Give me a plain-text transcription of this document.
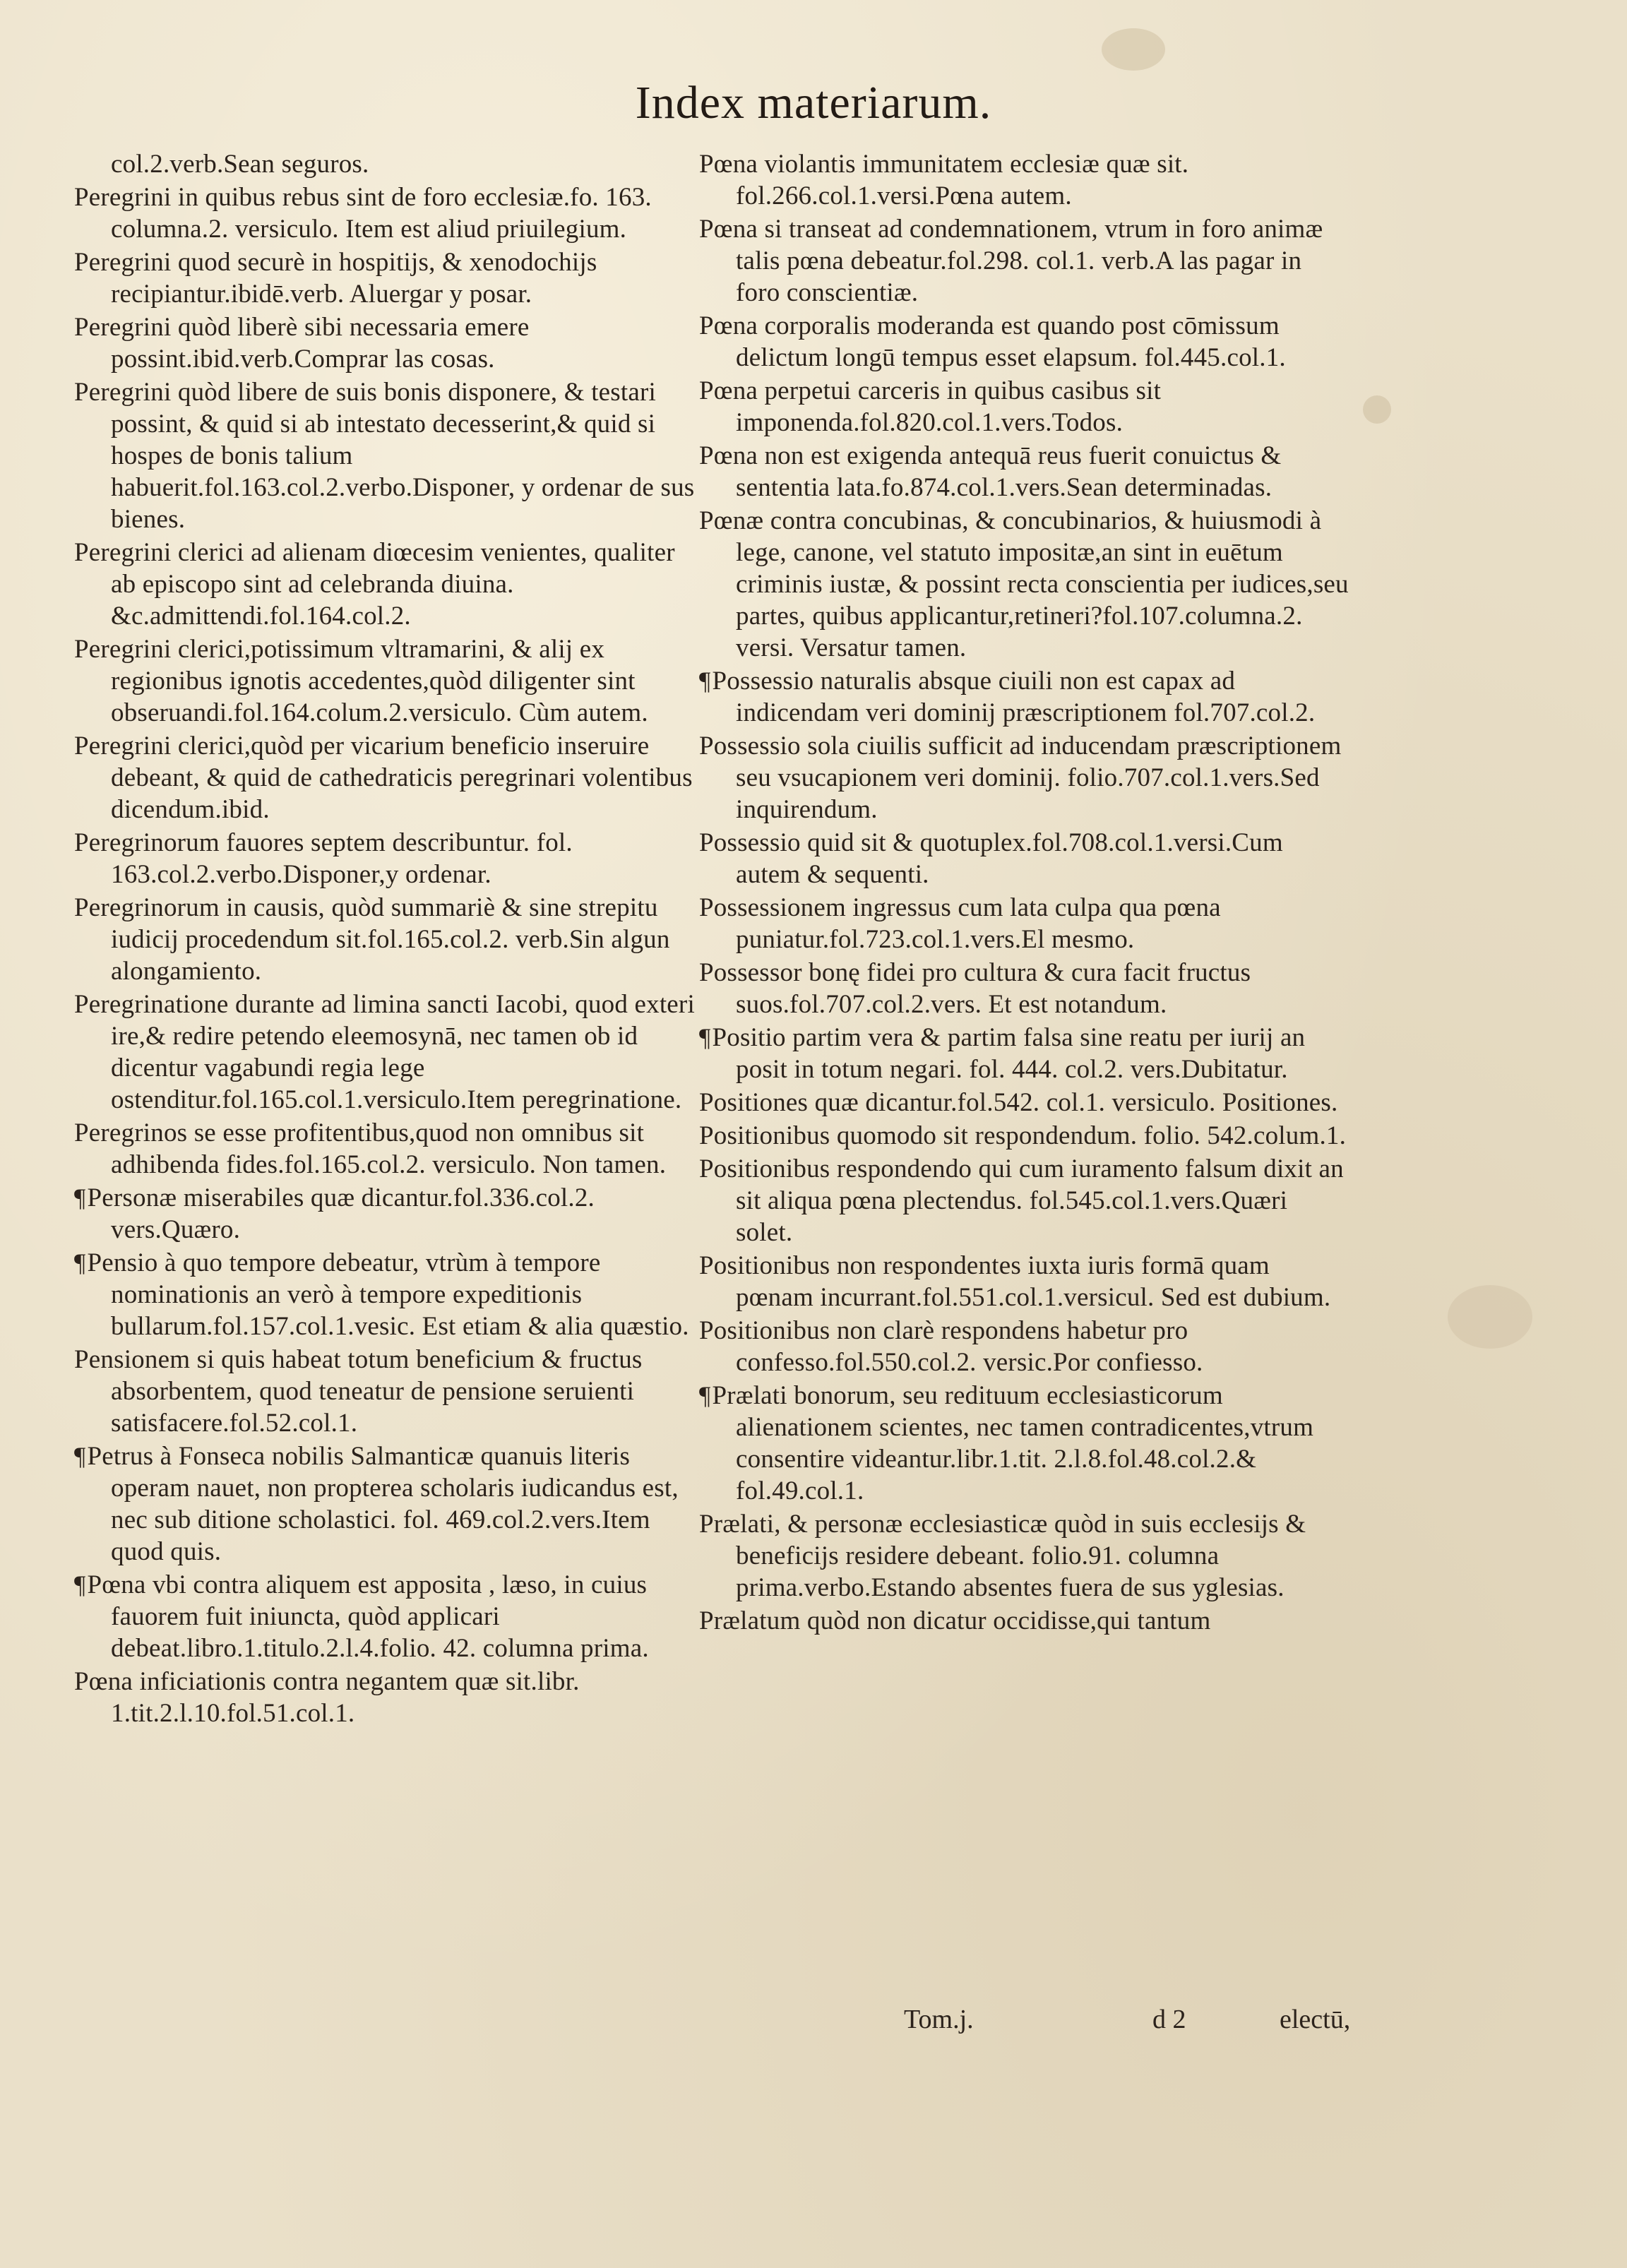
Index materiarum.
col.2.verb.Sean seguros.
Peregrini in quibus rebus sint de foro ecclesiæ.fo. 163. columna.2. versiculo. Item est aliud priuilegium.
Peregrini quod securè in hospitijs, & xenodochijs recipiantur.ibidē.verb. Aluergar y posar.
Peregrini quòd liberè sibi necessaria emere possint.ibid.verb.Comprar las cosas.
Peregrini quòd libere de suis bonis disponere, & testari possint, & quid si ab intestato decesserint,& quid si hospes de bonis talium habuerit.fol.163.col.2.verbo.Disponer, y ordenar de sus bienes.
Peregrini clerici ad alienam diœcesim venientes, qualiter ab episcopo sint ad celebranda diuina. &c.admittendi.fol.164.col.2.
Peregrini clerici,potissimum vltramarini, & alij ex regionibus ignotis accedentes,quòd diligenter sint obseruandi.fol.164.colum.2.versiculo. Cùm autem.
Peregrini clerici,quòd per vicarium beneficio inseruire debeant, & quid de cathedraticis peregrinari volentibus dicendum.ibid.
Peregrinorum fauores septem describuntur. fol. 163.col.2.verbo.Disponer,y ordenar.
Peregrinorum in causis, quòd summariè & sine strepitu iudicij procedendum sit.fol.165.col.2. verb.Sin algun alongamiento.
Peregrinatione durante ad limina sancti Iacobi, quod exteri ire,& redire petendo eleemosynā, nec tamen ob id dicentur vagabundi regia lege ostenditur.fol.165.col.1.versiculo.Item peregrinatione.
Peregrinos se esse profitentibus,quod non omnibus sit adhibenda fides.fol.165.col.2. versiculo. Non tamen.
¶Personæ miserabiles quæ dicantur.fol.336.col.2. vers.Quæro.
¶Pensio à quo tempore debeatur, vtrùm à tempore nominationis an verò à tempore expeditionis bullarum.fol.157.col.1.vesic. Est etiam & alia quæstio.
Pensionem si quis habeat totum beneficium & fructus absorbentem, quod teneatur de pensione seruienti satisfacere.fol.52.col.1.
¶Petrus à Fonseca nobilis Salmanticæ quanuis literis operam nauet, non propterea scholaris iudicandus est, nec sub ditione scholastici. fol. 469.col.2.vers.Item quod quis.
¶Pœna vbi contra aliquem est apposita , læso, in cuius fauorem fuit iniuncta, quòd applicari debeat.libro.1.titulo.2.l.4.folio. 42. columna prima.
Pœna inficiationis contra negantem quæ sit.libr. 1.tit.2.l.10.fol.51.col.1.
Pœna violantis immunitatem ecclesiæ quæ sit. fol.266.col.1.versi.Pœna autem.
Pœna si transeat ad condemnationem, vtrum in foro animæ talis pœna debeatur.fol.298. col.1. verb.A las pagar in foro conscientiæ.
Pœna corporalis moderanda est quando post cōmissum delictum longū tempus esset elapsum. fol.445.col.1.
Pœna perpetui carceris in quibus casibus sit imponenda.fol.820.col.1.vers.Todos.
Pœna non est exigenda antequā reus fuerit conuictus & sententia lata.fo.874.col.1.vers.Sean determinadas.
Pœnæ contra concubinas, & concubinarios, & huiusmodi à lege, canone, vel statuto impositæ,an sint in euētum criminis iustæ, & possint recta conscientia per iudices,seu partes, quibus applicantur,retineri?fol.107.columna.2. versi. Versatur tamen.
¶Possessio naturalis absque ciuili non est capax ad indicendam veri dominij præscriptionem fol.707.col.2.
Possessio sola ciuilis sufficit ad inducendam præscriptionem seu vsucapionem veri dominij. folio.707.col.1.vers.Sed inquirendum.
Possessio quid sit & quotuplex.fol.708.col.1.versi.Cum autem & sequenti.
Possessionem ingressus cum lata culpa qua pœna puniatur.fol.723.col.1.vers.El mesmo.
Possessor bonę fidei pro cultura & cura facit fructus suos.fol.707.col.2.vers. Et est notandum.
¶Positio partim vera & partim falsa sine reatu per iurij an posit in totum negari. fol. 444. col.2. vers.Dubitatur.
Positiones quæ dicantur.fol.542. col.1. versiculo. Positiones.
Positionibus quomodo sit respondendum. folio. 542.colum.1.
Positionibus respondendo qui cum iuramento falsum dixit an sit aliqua pœna plectendus. fol.545.col.1.vers.Quæri solet.
Positionibus non respondentes iuxta iuris formā quam pœnam incurrant.fol.551.col.1.versicul. Sed est dubium.
Positionibus non clarè respondens habetur pro confesso.fol.550.col.2. versic.Por confiesso.
¶Prælati bonorum, seu redituum ecclesiasticorum alienationem scientes, nec tamen contradicentes,vtrum consentire videantur.libr.1.tit. 2.l.8.fol.48.col.2.& fol.49.col.1.
Prælati, & personæ ecclesiasticæ quòd in suis ecclesijs & beneficijs residere debeant. folio.91. columna prima.verbo.Estando absentes fuera de sus yglesias.
Prælatum quòd non dicatur occidisse,qui tantum
Tom.j.	d 2	electū,
